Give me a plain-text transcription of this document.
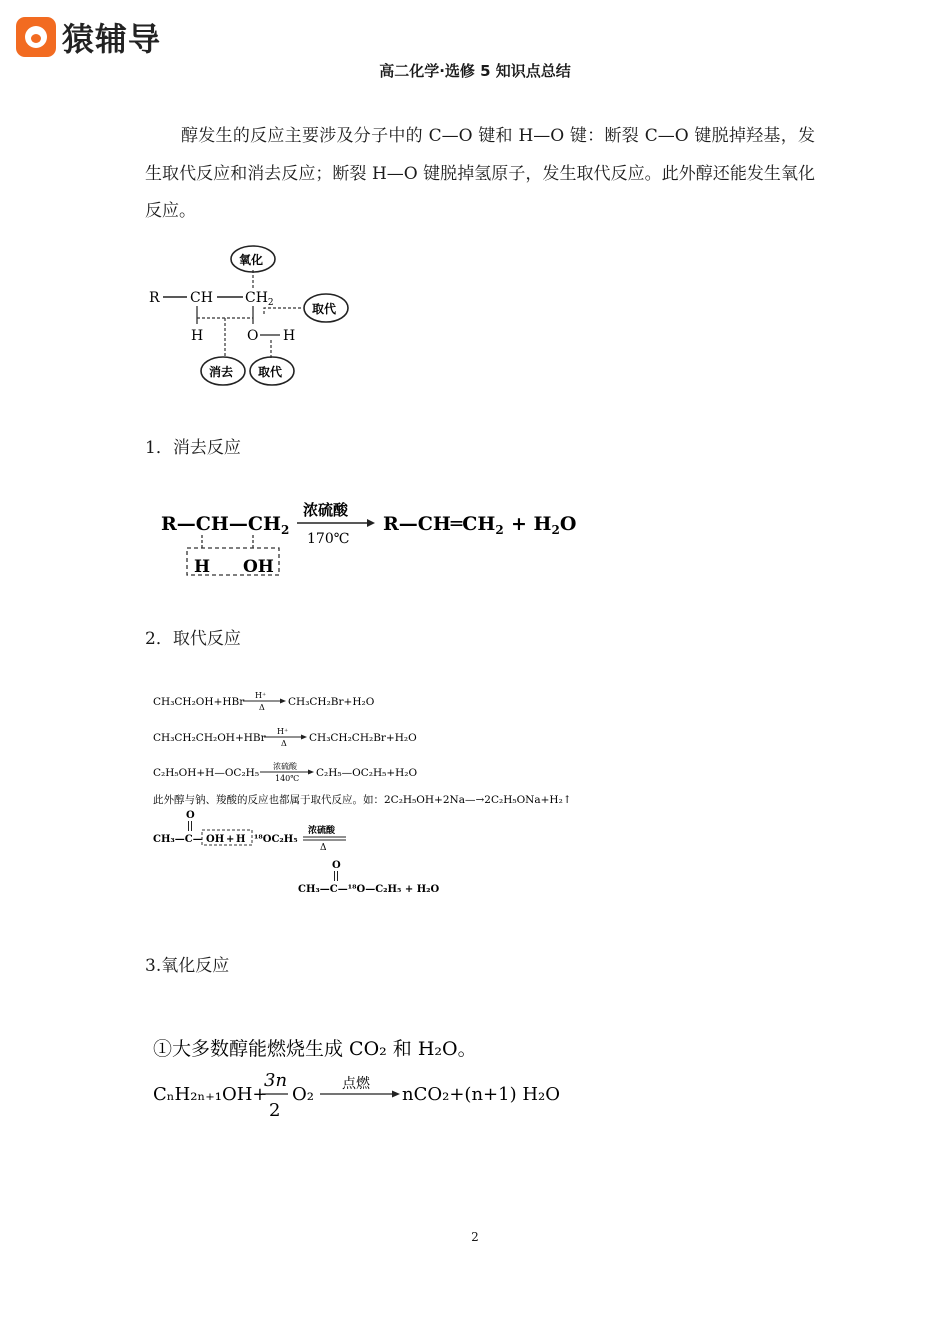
猿辅导
高二化学·选修 5 知识点总结
醇发生的反应主要涉及分子中的 C—O 键和 H—O 键：断裂 C—O 键脱掉羟基，发生取代反应和消去反应；断裂 H—O 键脱掉氢原子，发生取代反应。此外醇还能发生氧化反应。
R CH $CH_2$
H	O H
氧化
取代
消去 取代
1．消去反应
$R—CH—CH_2$
浓硫酸
170℃
$R—CH═CH_2 + H_2O$
H OH
2．取代反应
CH₃CH₂OH+HBr
H⁺
Δ CH₃CH₂Br+H₂O
CH₃CH₂CH₂OH+HBr
H⁺
Δ CH₃CH₂CH₂Br+H₂O
C₂H₅OH+H—OC₂H₅
浓硫酸
140℃ C₂H₅—OC₂H₅+H₂O
此外醇与钠、羧酸的反应也都属于取代反应。如：2C₂H₅OH+2Na—→2C₂H₅ONa+H₂↑
O
CH₃—C— OH + H ¹⁸OC₂H₅
浓硫酸
Δ
O
CH₃—C—¹⁸O—C₂H₅ + H₂O
3.氧化反应
①大多数醇能燃烧生成 CO₂ 和 H₂O。
CₙH₂ₙ₊₁OH+
3n
2
O₂ 点燃 nCO₂+(n+1) H₂O
2
